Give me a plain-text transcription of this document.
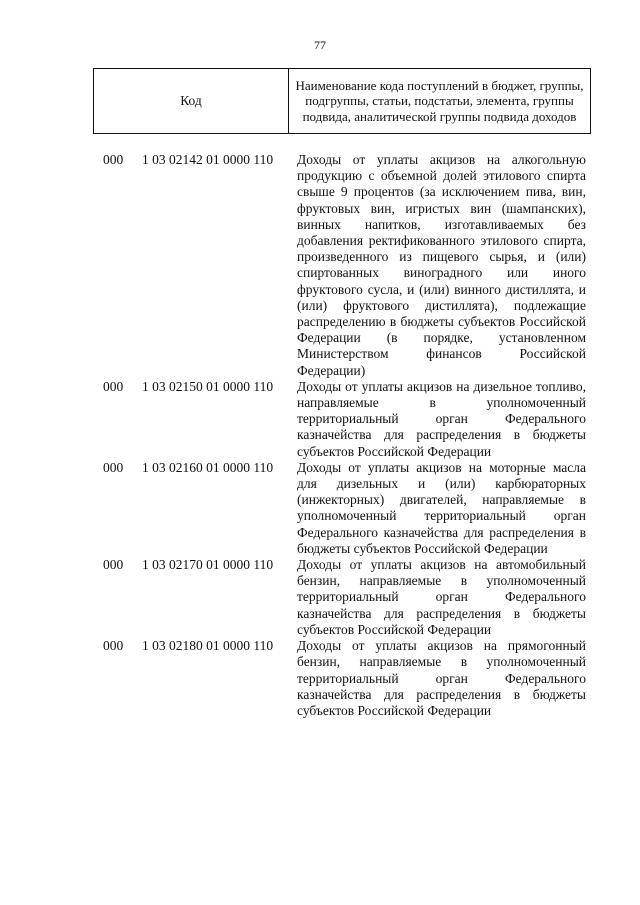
77
Код
Наименование кода поступлений в бюджет, группы, подгруппы, статьи, подстатьи, элемента, группы подвида, аналитической группы подвида доходов
000 1 03 02142 01 0000 110 Доходы от уплаты акцизов на алкогольную продукцию с объемной долей этилового спирта свыше 9 процентов (за исключением пива, вин, фруктовых вин, игристых вин (шампанских), винных напитков, изготавливаемых без добавления ректификованного этилового спирта, произведенного из пищевого сырья, и (или) спиртованных виноградного или иного фруктового сусла, и (или) винного дистиллята, и (или) фруктового дистиллята), подлежащие распределению в бюджеты субъектов Российской Федерации (в порядке, установленном Министерством финансов Российской Федерации)
000 1 03 02150 01 0000 110 Доходы от уплаты акцизов на дизельное топливо, направляемые в уполномоченный территориальный орган Федерального казначейства для распределения в бюджеты субъектов Российской Федерации
000 1 03 02160 01 0000 110 Доходы от уплаты акцизов на моторные масла для дизельных и (или) карбюраторных (инжекторных) двигателей, направляемые в уполномоченный территориальный орган Федерального казначейства для распределения в бюджеты субъектов Российской Федерации
000 1 03 02170 01 0000 110 Доходы от уплаты акцизов на автомобильный бензин, направляемые в уполномоченный территориальный орган Федерального казначейства для распределения в бюджеты субъектов Российской Федерации
000 1 03 02180 01 0000 110 Доходы от уплаты акцизов на прямогонный бензин, направляемые в уполномоченный территориальный орган Федерального казначейства для распределения в бюджеты субъектов Российской Федерации
